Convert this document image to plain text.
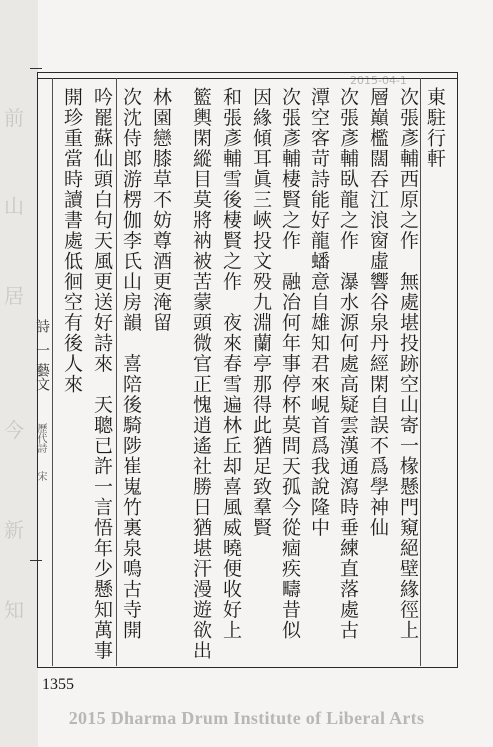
前
山
居
今
新
知
2015-04-1
東駐行軒
次張彥輔西原之作　無處堪投跡空山寄一椽懸門窺絕壁緣徑上
層巔檻闊吞江浪窗虛響谷泉丹經閑自誤不爲學神仙
次張彥輔臥龍之作　瀑水源何處高疑雲漢通瀉時垂練直落處古
潭空客苛詩能好龍蟠意自雄知君來峴首爲我說隆中
次張彥輔棲賢之作　融冶何年事停杯莫問天孤今從痼疾疇昔似
因緣傾耳眞三峽投文殁九淵蘭亭那得此猶足致羣賢
和張彥輔雪後棲賢之作　夜來春雪遍林丘却喜風威曉便收好上
籃輿閑縱目莫將衲被苦蒙頭微官正愧逍遙社勝日猶堪汗漫遊欲出
林園戀膝草不妨尊酒更淹留
次沈侍郎游楞伽李氏山房韻　喜陪後騎陟崔嵬竹裏泉鳴古寺開
吟罷蘇仙頭白句天風更送好詩來　天聰已許一言悟年少懸知萬事
開珍重當時讀書處低徊空有後人來
詩
一
藝文
歷代詩
宋
1355
2015 Dharma Drum Institute of Liberal Arts
